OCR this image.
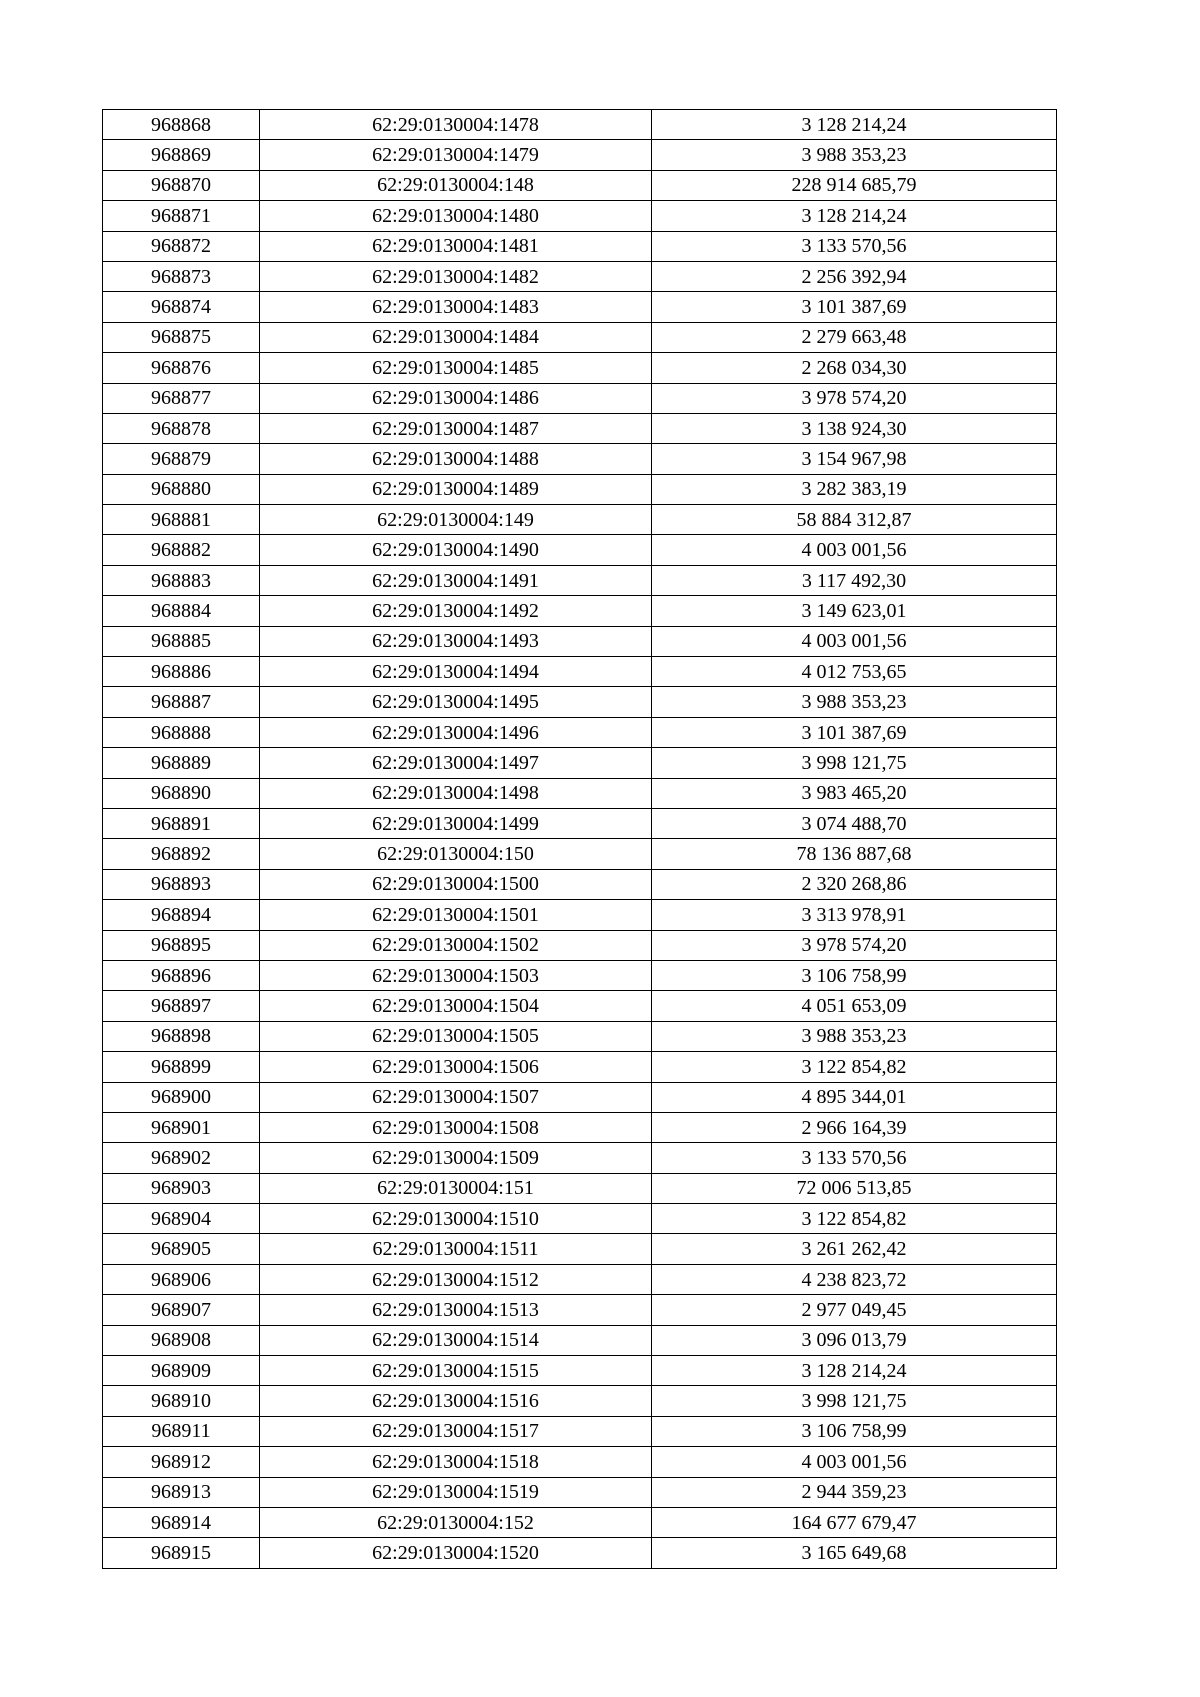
968868	62:29:0130004:1478	3 128 214,24
968869	62:29:0130004:1479	3 988 353,23
968870	62:29:0130004:148	228 914 685,79
968871	62:29:0130004:1480	3 128 214,24
968872	62:29:0130004:1481	3 133 570,56
968873	62:29:0130004:1482	2 256 392,94
968874	62:29:0130004:1483	3 101 387,69
968875	62:29:0130004:1484	2 279 663,48
968876	62:29:0130004:1485	2 268 034,30
968877	62:29:0130004:1486	3 978 574,20
968878	62:29:0130004:1487	3 138 924,30
968879	62:29:0130004:1488	3 154 967,98
968880	62:29:0130004:1489	3 282 383,19
968881	62:29:0130004:149	58 884 312,87
968882	62:29:0130004:1490	4 003 001,56
968883	62:29:0130004:1491	3 117 492,30
968884	62:29:0130004:1492	3 149 623,01
968885	62:29:0130004:1493	4 003 001,56
968886	62:29:0130004:1494	4 012 753,65
968887	62:29:0130004:1495	3 988 353,23
968888	62:29:0130004:1496	3 101 387,69
968889	62:29:0130004:1497	3 998 121,75
968890	62:29:0130004:1498	3 983 465,20
968891	62:29:0130004:1499	3 074 488,70
968892	62:29:0130004:150	78 136 887,68
968893	62:29:0130004:1500	2 320 268,86
968894	62:29:0130004:1501	3 313 978,91
968895	62:29:0130004:1502	3 978 574,20
968896	62:29:0130004:1503	3 106 758,99
968897	62:29:0130004:1504	4 051 653,09
968898	62:29:0130004:1505	3 988 353,23
968899	62:29:0130004:1506	3 122 854,82
968900	62:29:0130004:1507	4 895 344,01
968901	62:29:0130004:1508	2 966 164,39
968902	62:29:0130004:1509	3 133 570,56
968903	62:29:0130004:151	72 006 513,85
968904	62:29:0130004:1510	3 122 854,82
968905	62:29:0130004:1511	3 261 262,42
968906	62:29:0130004:1512	4 238 823,72
968907	62:29:0130004:1513	2 977 049,45
968908	62:29:0130004:1514	3 096 013,79
968909	62:29:0130004:1515	3 128 214,24
968910	62:29:0130004:1516	3 998 121,75
968911	62:29:0130004:1517	3 106 758,99
968912	62:29:0130004:1518	4 003 001,56
968913	62:29:0130004:1519	2 944 359,23
968914	62:29:0130004:152	164 677 679,47
968915	62:29:0130004:1520	3 165 649,68
